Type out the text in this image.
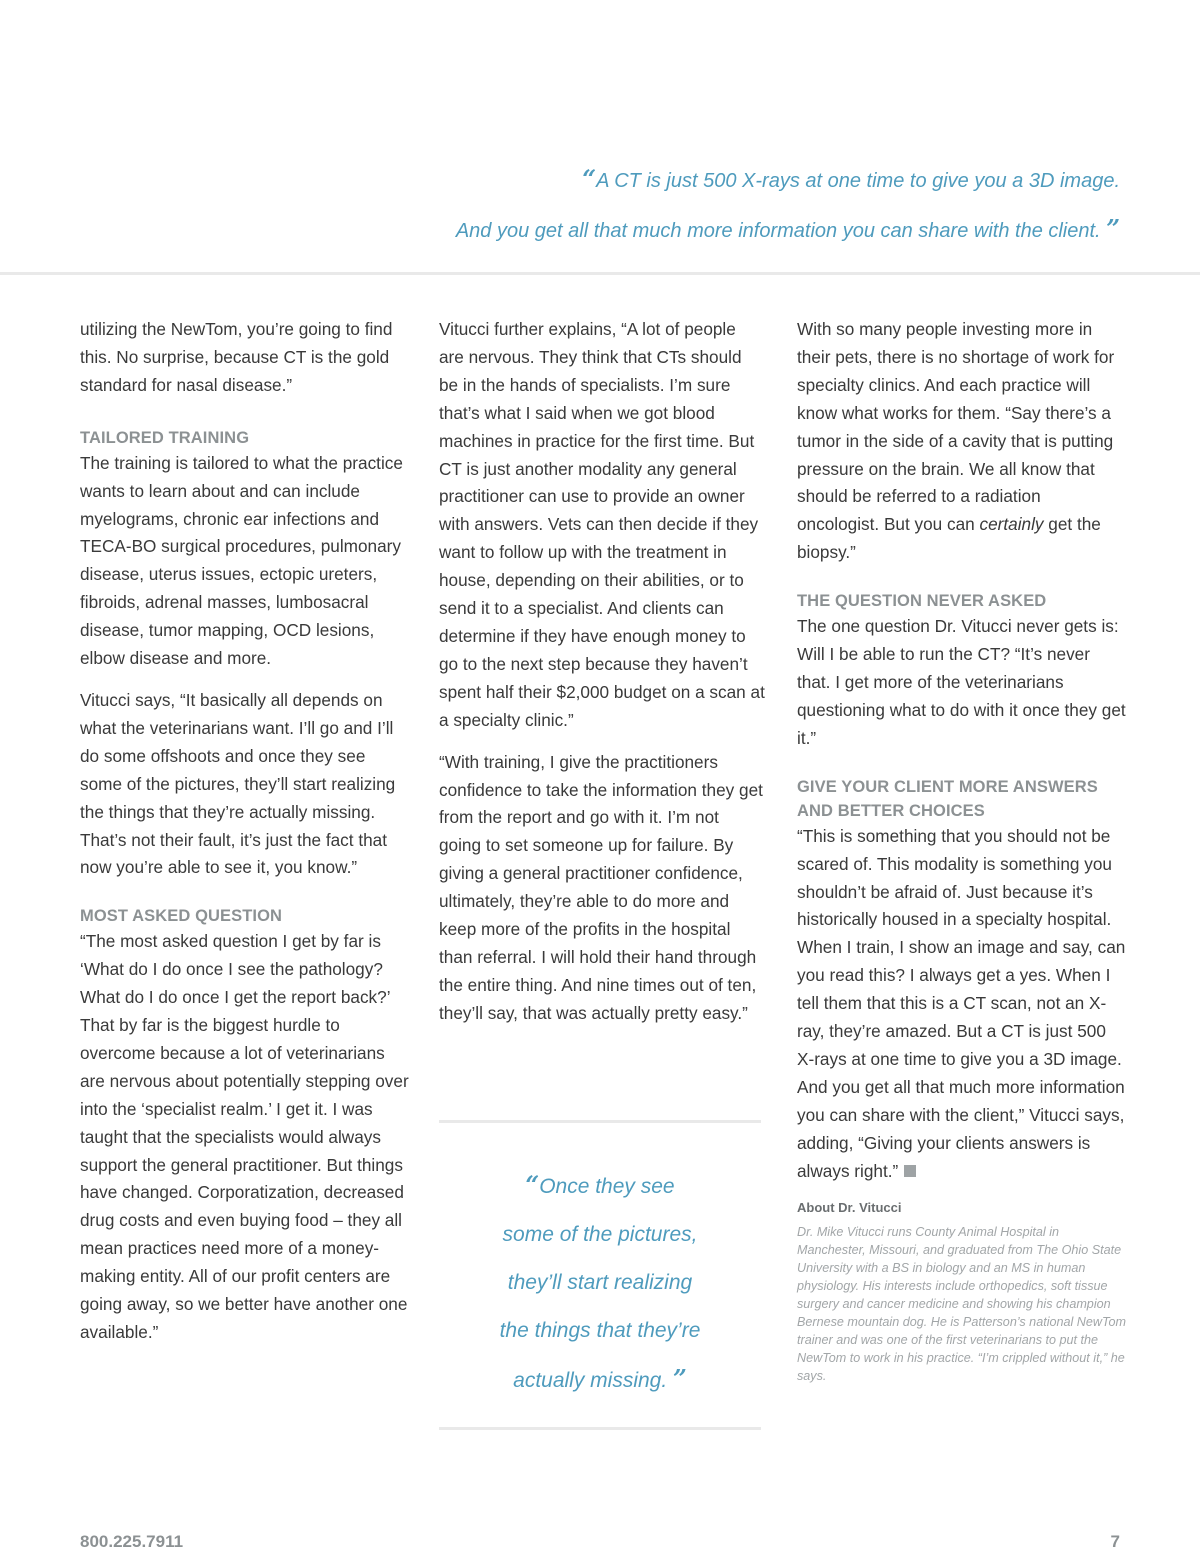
“A CT is just 500 X-rays at one time to give you a 3D image.
And you get all that much more information you can share with the client. ”

utilizing the NewTom, you’re going to find this. No surprise, because CT is the gold standard for nasal disease.”

TAILORED TRAINING

The training is tailored to what the practice wants to learn about and can include myelograms, chronic ear infections and TECA-BO surgical procedures, pulmonary disease, uterus issues, ectopic ureters, fibroids, adrenal masses, lumbosacral disease, tumor mapping, OCD lesions, elbow disease and more.

Vitucci says, “It basically all depends on what the veterinarians want. I’ll go and I’ll do some offshoots and once they see some of the pictures, they’ll start realizing the things that they’re actually missing. That’s not their fault, it’s just the fact that now you’re able to see it, you know.”

MOST ASKED QUESTION

“The most asked question I get by far is ‘What do I do once I see the pathology? What do I do once I get the report back?’ That by far is the biggest hurdle to overcome because a lot of veterinarians are nervous about potentially stepping over into the ‘specialist realm.’ I get it. I was taught that the specialists would always support the general practitioner. But things have changed. Corporatization, decreased drug costs and even buying food – they all mean practices need more of a money-making entity. All of our profit centers are going away, so we better have another one available.”

Vitucci further explains, “A lot of people are nervous. They think that CTs should be in the hands of specialists. I’m sure that’s what I said when we got blood machines in practice for the first time. But CT is just another modality any general practitioner can use to provide an owner with answers. Vets can then decide if they want to follow up with the treatment in house, depending on their abilities, or to send it to a specialist. And clients can determine if they have enough money to go to the next step because they haven’t spent half their $2,000 budget on a scan at a specialty clinic.”

“With training, I give the practitioners confidence to take the information they get from the report and go with it. I’m not going to set someone up for failure. By giving a general practitioner confidence, ultimately, they’re able to do more and keep more of the profits in the hospital than referral. I will hold their hand through the entire thing. And nine times out of ten, they’ll say, that was actually pretty easy.”

“Once they see
some of the pictures,
they’ll start realizing
the things that they’re
actually missing. ”

With so many people investing more in their pets, there is no shortage of work for specialty clinics. And each practice will know what works for them. “Say there’s a tumor in the side of a cavity that is putting pressure on the brain. We all know that should be referred to a radiation oncologist. But you can certainly get the biopsy.”

THE QUESTION NEVER ASKED

The one question Dr. Vitucci never gets is: Will I be able to run the CT? “It’s never that. I get more of the veterinarians questioning what to do with it once they get it.”

GIVE YOUR CLIENT MORE ANSWERS AND BETTER CHOICES

“This is something that you should not be scared of. This modality is something you shouldn’t be afraid of. Just because it’s historically housed in a specialty hospital. When I train, I show an image and say, can you read this? I always get a yes. When I tell them that this is a CT scan, not an X-ray, they’re amazed. But a CT is just 500 X-rays at one time to give you a 3D image. And you get all that much more information you can share with the client,” Vitucci says, adding, “Giving your clients answers is always right.”

About Dr. Vitucci

Dr. Mike Vitucci runs County Animal Hospital in Manchester, Missouri, and graduated from The Ohio State University with a BS in biology and an MS in human physiology. His interests include orthopedics, soft tissue surgery and cancer medicine and showing his champion Bernese mountain dog. He is Patterson’s national NewTom trainer and was one of the first veterinarians to put the NewTom to work in his practice. “I’m crippled without it,” he says.

800.225.7911	7
